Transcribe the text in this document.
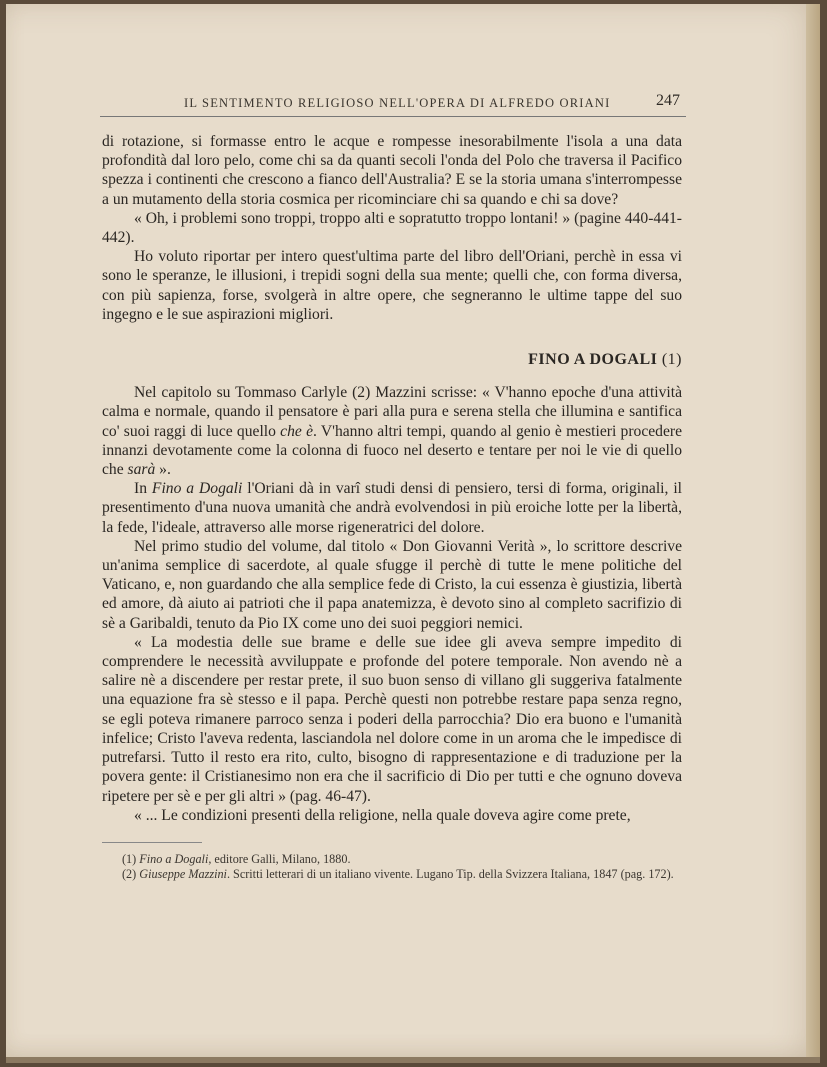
IL SENTIMENTO RELIGIOSO NELL'OPERA DI ALFREDO ORIANI	247

di rotazione, si formasse entro le acque e rompesse inesorabilmente l'isola a una data profondità dal loro pelo, come chi sa da quanti secoli l'onda del Polo che traversa il Pacifico spezza i continenti che crescono a fianco dell'Australia? E se la storia umana s'interrompesse a un mutamento della storia cosmica per ricominciare chi sa quando e chi sa dove?

« Oh, i problemi sono troppi, troppo alti e sopratutto troppo lontani! » (pagine 440-441-442).

Ho voluto riportar per intero quest'ultima parte del libro dell'Oriani, perchè in essa vi sono le speranze, le illusioni, i trepidi sogni della sua mente; quelli che, con forma diversa, con più sapienza, forse, svolgerà in altre opere, che segneranno le ultime tappe del suo ingegno e le sue aspirazioni migliori.

FINO A DOGALI (1)

Nel capitolo su Tommaso Carlyle (2) Mazzini scrisse: « V'hanno epoche d'una attività calma e normale, quando il pensatore è pari alla pura e serena stella che illumina e santifica co' suoi raggi di luce quello che è. V'hanno altri tempi, quando al genio è mestieri procedere innanzi devotamente come la colonna di fuoco nel deserto e tentare per noi le vie di quello che sarà ».

In Fino a Dogali l'Oriani dà in varî studi densi di pensiero, tersi di forma, originali, il presentimento d'una nuova umanità che andrà evolvendosi in più eroiche lotte per la libertà, la fede, l'ideale, attraverso alle morse rigeneratrici del dolore.

Nel primo studio del volume, dal titolo « Don Giovanni Verità », lo scrittore descrive un'anima semplice di sacerdote, al quale sfugge il perchè di tutte le mene politiche del Vaticano, e, non guardando che alla semplice fede di Cristo, la cui essenza è giustizia, libertà ed amore, dà aiuto ai patrioti che il papa anatemizza, è devoto sino al completo sacrifizio di sè a Garibaldi, tenuto da Pio IX come uno dei suoi peggiori nemici.

« La modestia delle sue brame e delle sue idee gli aveva sempre impedito di comprendere le necessità avviluppate e profonde del potere temporale. Non avendo nè a salire nè a discendere per restar prete, il suo buon senso di villano gli suggeriva fatalmente una equazione fra sè stesso e il papa. Perchè questi non potrebbe restare papa senza regno, se egli poteva rimanere parroco senza i poderi della parrocchia? Dio era buono e l'umanità infelice; Cristo l'aveva redenta, lasciandola nel dolore come in un aroma che le impedisce di putrefarsi. Tutto il resto era rito, culto, bisogno di rappresentazione e di traduzione per la povera gente: il Cristianesimo non era che il sacrificio di Dio per tutti e che ognuno doveva ripetere per sè e per gli altri » (pag. 46-47).

« ... Le condizioni presenti della religione, nella quale doveva agire come prete,

(1) Fino a Dogali, editore Galli, Milano, 1880.

(2) Giuseppe Mazzini. Scritti letterari di un italiano vivente. Lugano Tip. della Svizzera Italiana, 1847 (pag. 172).
